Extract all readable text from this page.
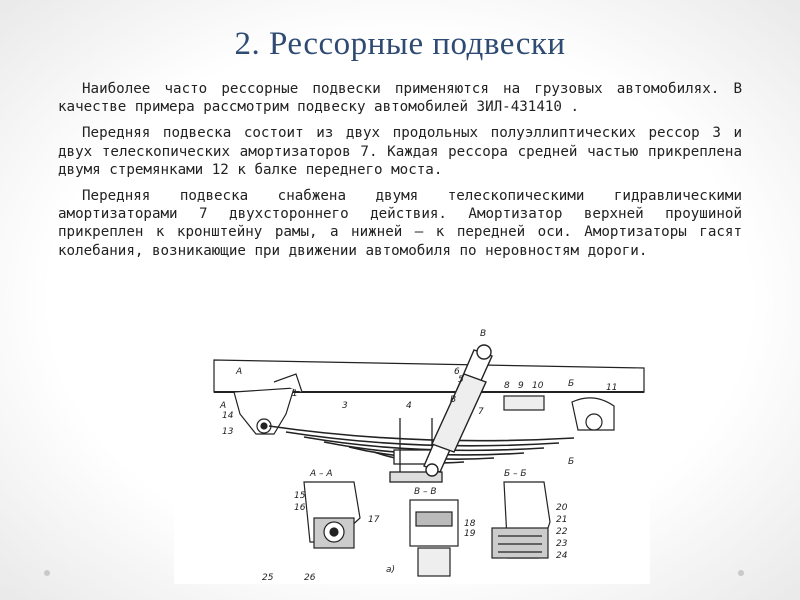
2. Рессорные подвески

Наиболее часто рессорные подвески применяются на грузовых автомобилях. В качестве примера рассмотрим подвеску автомобилей ЗИЛ-431410 .

Передняя подвеска состоит из двух продольных полуэллиптических рессор 3 и двух телескопических амортизаторов 7. Каждая рессора средней частью прикреплена двумя стремянками 12 к балке переднего моста.

Передняя подвеска снабжена двумя телескопическими гидравлическими амортизаторами 7 двухстороннего действия. Амортизатор верхней проушиной прикреплен к кронштейну рамы, а нижней – к передней оси. Амортизаторы гасят колебания, возникающие при движении автомобиля по неровностям дороги.

А
А
Б
Б
В
В
1
3	4
5
6
7
8 9 10	11
13
14
15
16
17	18
19
20
21
22
23
24
25	26
А – А
В – В
Б – Б
а)
